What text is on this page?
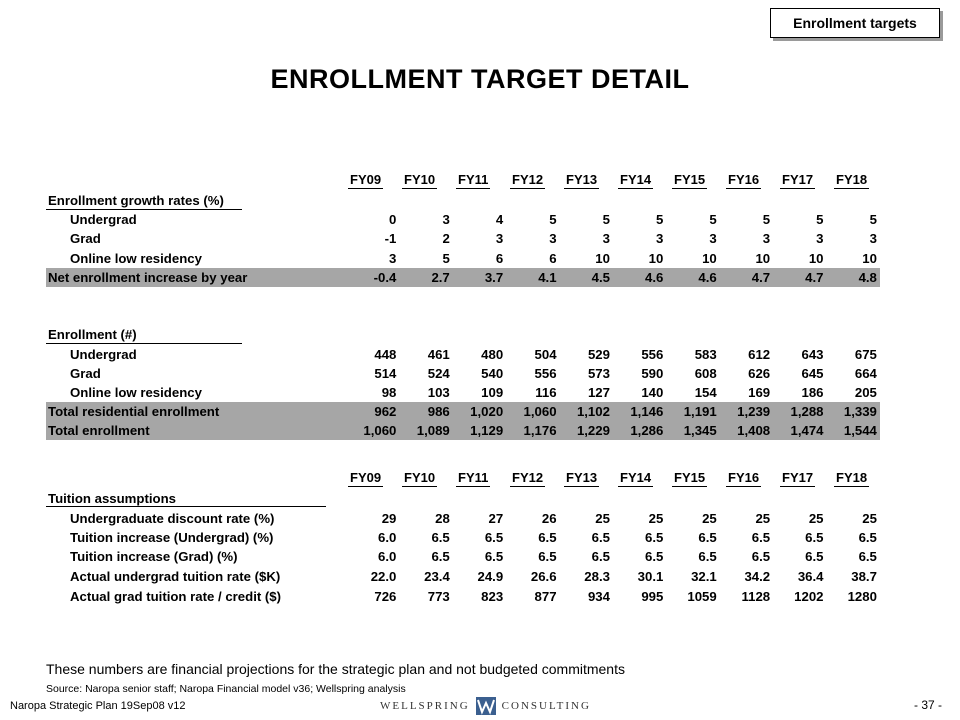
Enrollment targets
ENROLLMENT TARGET DETAIL
FY09	FY10	FY11	FY12	FY13	FY14	FY15	FY16	FY17	FY18
Enrollment growth rates (%)
Undergrad	0	3	4	5	5	5	5	5	5	5
Grad	-1	2	3	3	3	3	3	3	3	3
Online low residency	3	5	6	6	10	10	10	10	10	10
Net enrollment increase by year	-0.4	2.7	3.7	4.1	4.5	4.6	4.6	4.7	4.7	4.8
Enrollment (#)
Undergrad	448	461	480	504	529	556	583	612	643	675
Grad	514	524	540	556	573	590	608	626	645	664
Online low residency	98	103	109	116	127	140	154	169	186	205
Total residential enrollment	962	986	1,020	1,060	1,102	1,146	1,191	1,239	1,288	1,339
Total enrollment	1,060	1,089	1,129	1,176	1,229	1,286	1,345	1,408	1,474	1,544
FY09	FY10	FY11	FY12	FY13	FY14	FY15	FY16	FY17	FY18
Tuition assumptions
Undergraduate discount rate (%)	29	28	27	26	25	25	25	25	25	25
Tuition increase (Undergrad) (%)	6.0	6.5	6.5	6.5	6.5	6.5	6.5	6.5	6.5	6.5
Tuition increase (Grad) (%)	6.0	6.5	6.5	6.5	6.5	6.5	6.5	6.5	6.5	6.5
Actual undergrad tuition rate ($K)	22.0	23.4	24.9	26.6	28.3	30.1	32.1	34.2	36.4	38.7
Actual grad tuition rate / credit ($)	726	773	823	877	934	995	1059	1128	1202	1280
These numbers are financial projections for the strategic plan and not budgeted commitments
Source: Naropa senior staff; Naropa Financial model v36; Wellspring analysis
Naropa Strategic Plan 19Sep08 v12	WELLSPRING	CONSULTING	- 37 -
